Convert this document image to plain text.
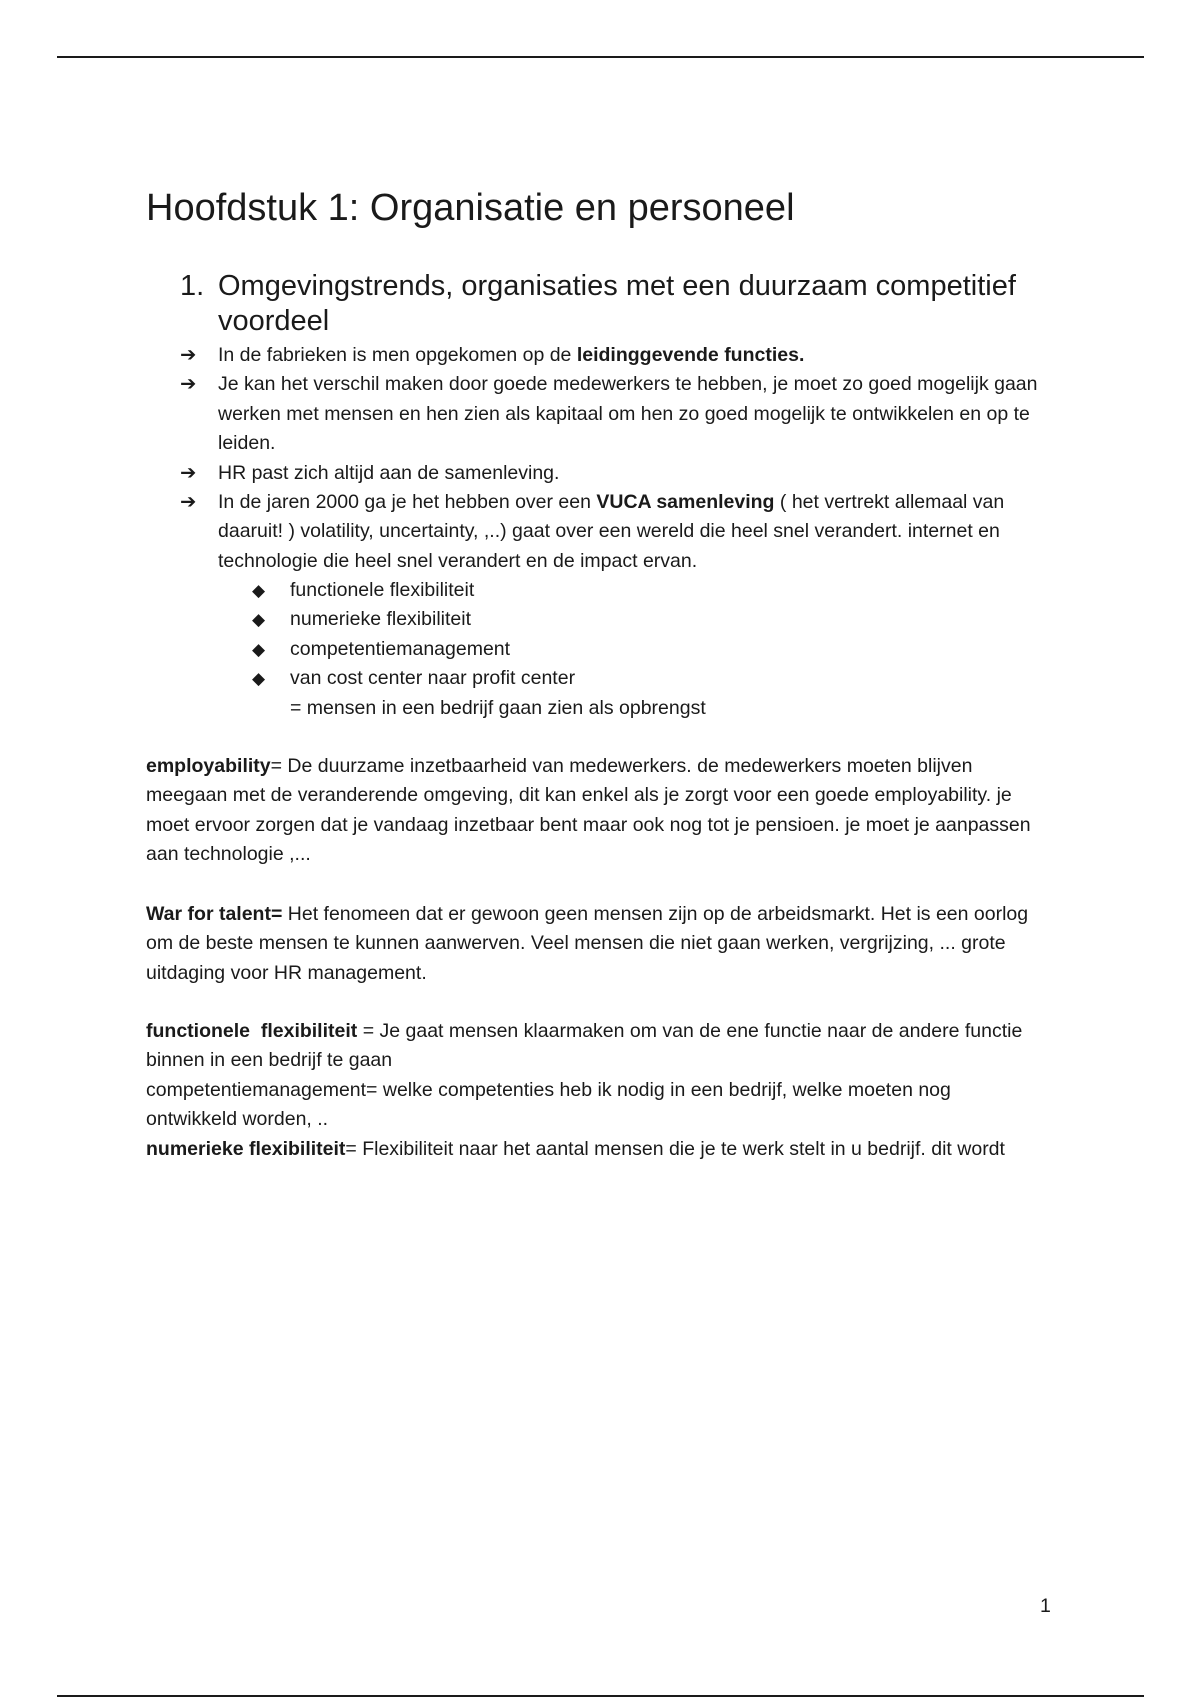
Hoofdstuk 1: Organisatie en personeel
1. Omgevingstrends, organisaties met een duurzaam competitief voordeel
➔ In de fabrieken is men opgekomen op de leidinggevende functies.
➔ Je kan het verschil maken door goede medewerkers te hebben, je moet zo goed mogelijk gaan werken met mensen en hen zien als kapitaal om hen zo goed mogelijk te ontwikkelen en op te leiden.
➔ HR past zich altijd aan de samenleving.
➔ In de jaren 2000 ga je het hebben over een VUCA samenleving ( het vertrekt allemaal van daaruit! ) volatility, uncertainty, ,..) gaat over een wereld die heel snel verandert. internet en technologie die heel snel verandert en de impact ervan.
◆ functionele flexibiliteit
◆ numerieke flexibiliteit
◆ competentiemanagement
◆ van cost center naar profit center
= mensen in een bedrijf gaan zien als opbrengst

employability= De duurzame inzetbaarheid van medewerkers. de medewerkers moeten blijven meegaan met de veranderende omgeving, dit kan enkel als je zorgt voor een goede employability. je moet ervoor zorgen dat je vandaag inzetbaar bent maar ook nog tot je pensioen. je moet je aanpassen aan technologie ,...

War for talent= Het fenomeen dat er gewoon geen mensen zijn op de arbeidsmarkt. Het is een oorlog om de beste mensen te kunnen aanwerven. Veel mensen die niet gaan werken, vergrijzing, ... grote uitdaging voor HR management.

functionele  flexibiliteit = Je gaat mensen klaarmaken om van de ene functie naar de andere functie binnen in een bedrijf te gaan
competentiemanagement= welke competenties heb ik nodig in een bedrijf, welke moeten nog ontwikkeld worden, ..
numerieke flexibiliteit= Flexibiliteit naar het aantal mensen die je te werk stelt in u bedrijf. dit wordt
1
